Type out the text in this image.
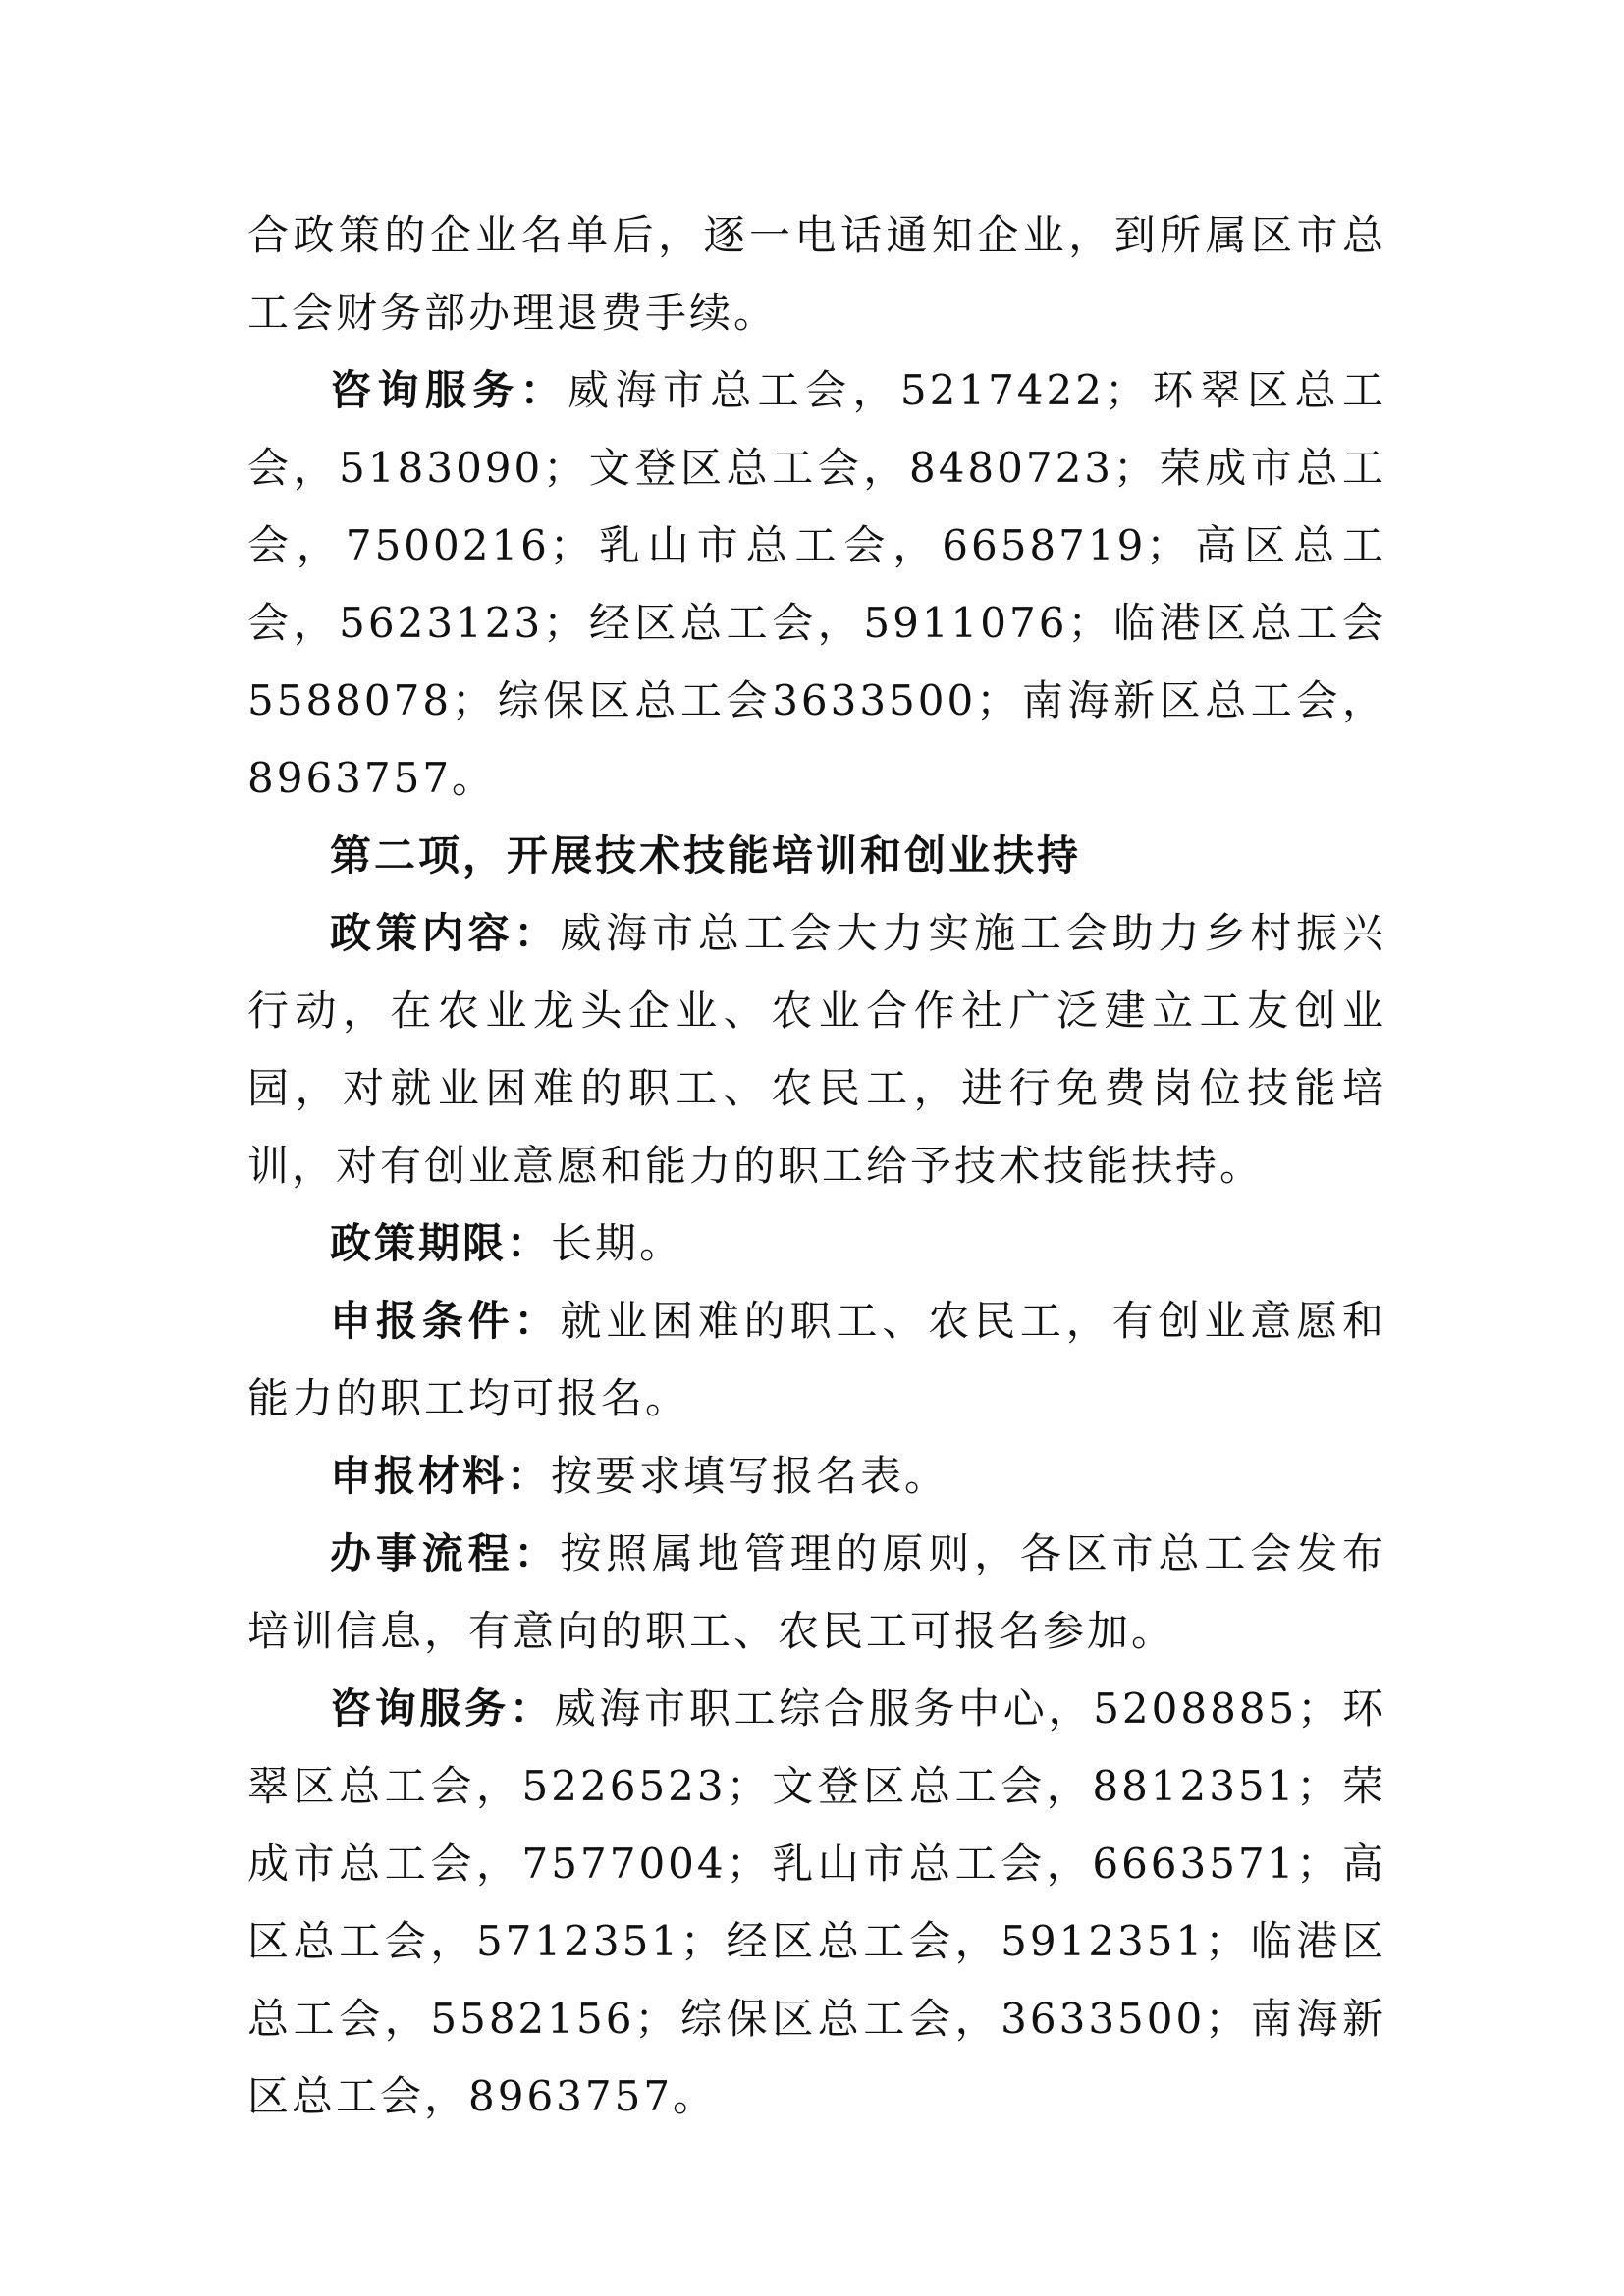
合政策的企业名单后，逐一电话通知企业，到所属区市总工会财务部办理退费手续。

咨询服务：威海市总工会，5217422；环翠区总工会，5183090；文登区总工会，8480723；荣成市总工会，7500216；乳山市总工会，6658719；高区总工会，5623123；经区总工会，5911076；临港区总工会5588078；综保区总工会3633500；南海新区总工会，8963757。

第二项，开展技术技能培训和创业扶持

政策内容：威海市总工会大力实施工会助力乡村振兴行动，在农业龙头企业、农业合作社广泛建立工友创业园，对就业困难的职工、农民工，进行免费岗位技能培训，对有创业意愿和能力的职工给予技术技能扶持。

政策期限：长期。

申报条件：就业困难的职工、农民工，有创业意愿和能力的职工均可报名。

申报材料：按要求填写报名表。

办事流程：按照属地管理的原则，各区市总工会发布培训信息，有意向的职工、农民工可报名参加。

咨询服务：威海市职工综合服务中心，5208885；环翠区总工会，5226523；文登区总工会，8812351；荣成市总工会，7577004；乳山市总工会，6663571；高区总工会，5712351；经区总工会，5912351；临港区总工会，5582156；综保区总工会，3633500；南海新区总工会，8963757。
